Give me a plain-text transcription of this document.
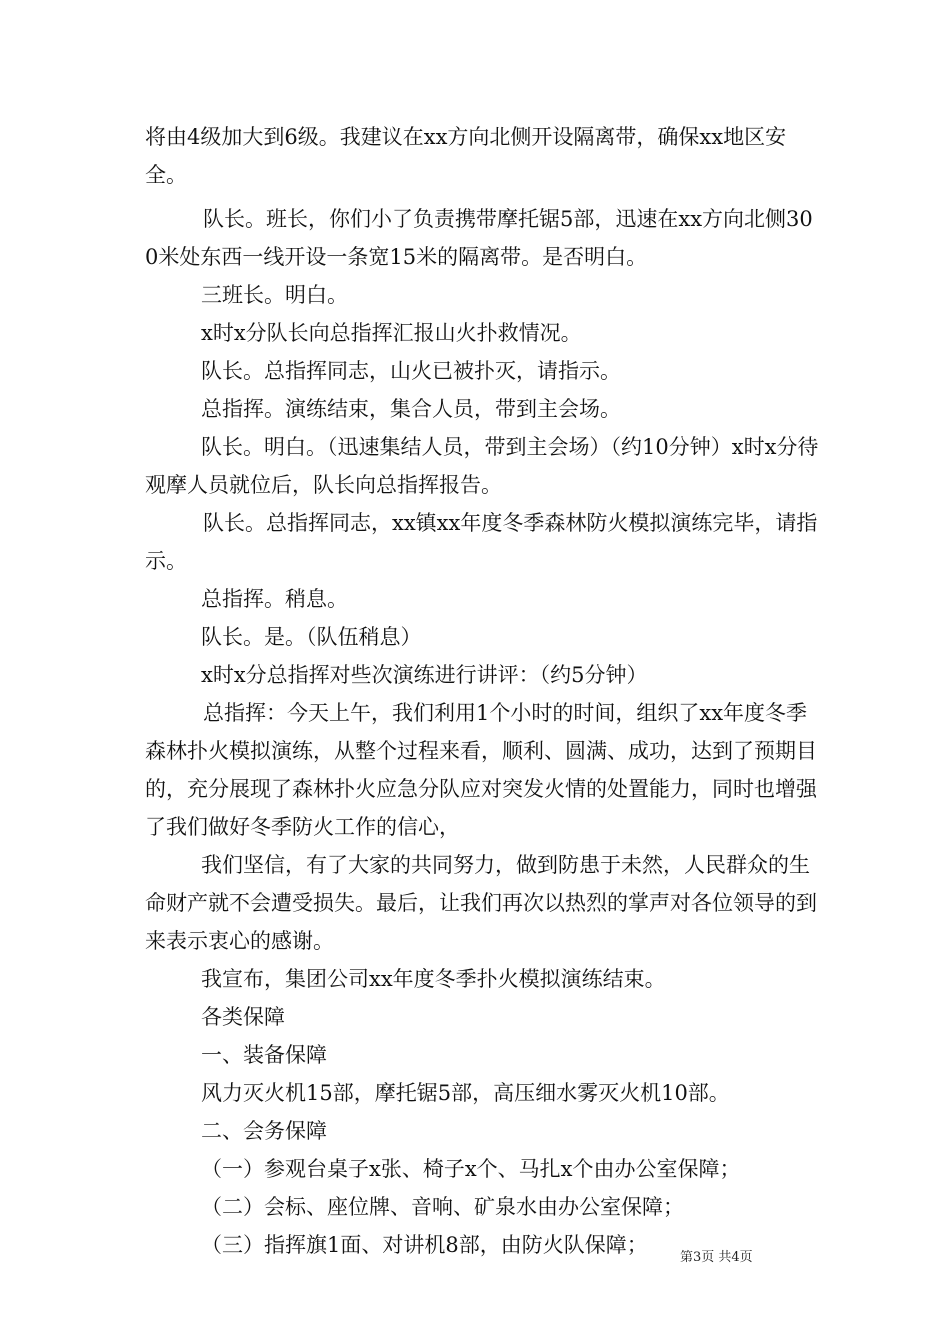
将由4级加大到6级。我建议在xx方向北侧开设隔离带，确保xx地区安全。

队长。班长，你们小了负责携带摩托锯5部，迅速在xx方向北侧300米处东西一线开设一条宽15米的隔离带。是否明白。

三班长。明白。

x时x分队长向总指挥汇报山火扑救情况。

队长。总指挥同志，山火已被扑灭，请指示。

总指挥。演练结束，集合人员，带到主会场。

队长。明白。（迅速集结人员，带到主会场）（约10分钟）x时x分待观摩人员就位后，队长向总指挥报告。

队长。总指挥同志，xx镇xx年度冬季森林防火模拟演练完毕，请指示。

总指挥。稍息。

队长。是。（队伍稍息）

x时x分总指挥对些次演练进行讲评：（约5分钟）

总指挥：今天上午，我们利用1个小时的时间，组织了xx年度冬季森林扑火模拟演练，从整个过程来看，顺利、圆满、成功，达到了预期目的，充分展现了森林扑火应急分队应对突发火情的处置能力，同时也增强了我们做好冬季防火工作的信心，

我们坚信，有了大家的共同努力，做到防患于未然，人民群众的生命财产就不会遭受损失。最后，让我们再次以热烈的掌声对各位领导的到来表示衷心的感谢。

我宣布，集团公司xx年度冬季扑火模拟演练结束。

各类保障

一、装备保障

风力灭火机15部，摩托锯5部，高压细水雾灭火机10部。

二、会务保障

（一）参观台桌子x张、椅子x个、马扎x个由办公室保障；

（二）会标、座位牌、音响、矿泉水由办公室保障；

（三）指挥旗1面、对讲机8部，由防火队保障；

第3页 共4页
